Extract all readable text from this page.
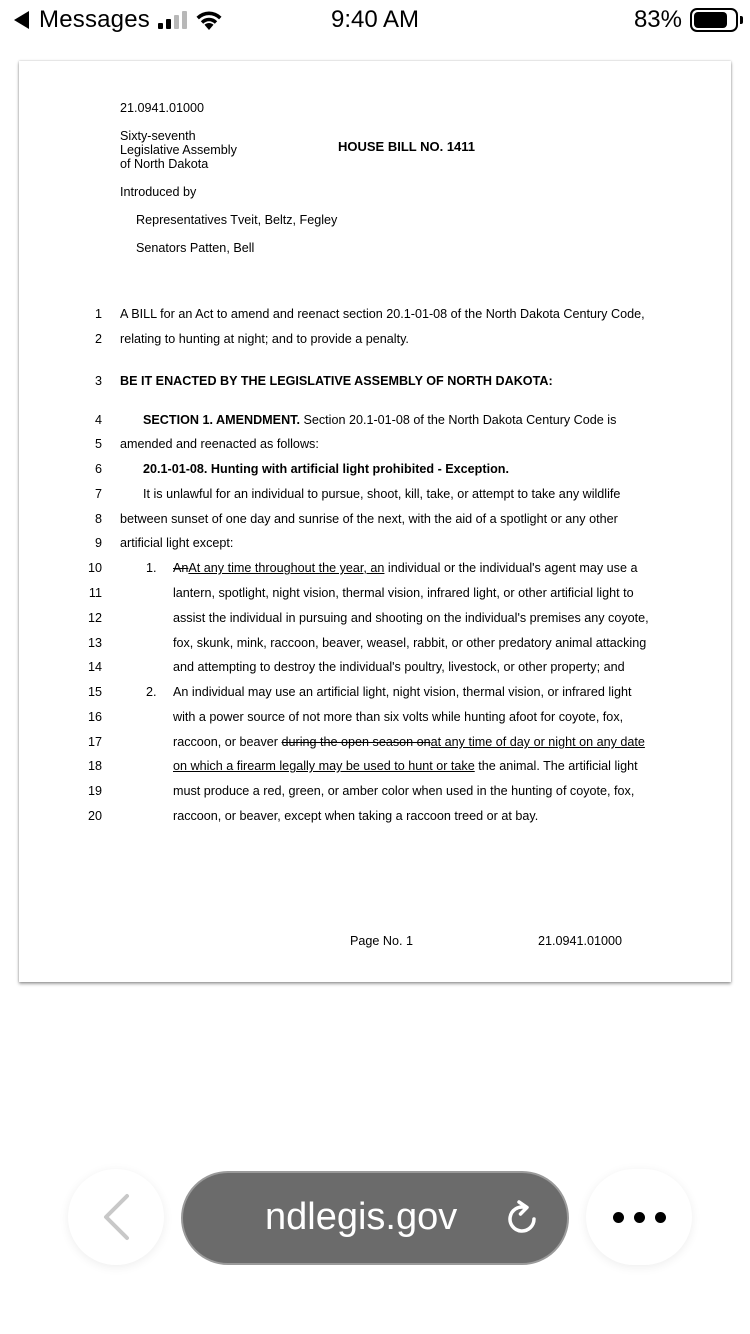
Messages	9:40 AM	83%
21.0941.01000
Sixty-seventh
Legislative Assembly
of North Dakota
HOUSE BILL NO. 1411
Introduced by
Representatives Tveit, Beltz, Fegley
Senators Patten, Bell
1
2
3
4
5
6
7
8
9
10
11
12
13
14
15
16
17
18
19
20
A BILL for an Act to amend and reenact section 20.1-01-08 of the North Dakota Century Code,
relating to hunting at night; and to provide a penalty.
BE IT ENACTED BY THE LEGISLATIVE ASSEMBLY OF NORTH DAKOTA:
SECTION 1. AMENDMENT. Section 20.1-01-08 of the North Dakota Century Code is
amended and reenacted as follows:
20.1-01-08. Hunting with artificial light prohibited - Exception.
It is unlawful for an individual to pursue, shoot, kill, take, or attempt to take any wildlife
between sunset of one day and sunrise of the next, with the aid of a spotlight or any other
artificial light except:
1. AnAt any time throughout the year, an individual or the individual's agent may use a
lantern, spotlight, night vision, thermal vision, infrared light, or other artificial light to
assist the individual in pursuing and shooting on the individual's premises any coyote,
fox, skunk, mink, raccoon, beaver, weasel, rabbit, or other predatory animal attacking
and attempting to destroy the individual's poultry, livestock, or other property; and
2. An individual may use an artificial light, night vision, thermal vision, or infrared light
with a power source of not more than six volts while hunting afoot for coyote, fox,
raccoon, or beaver during the open season onat any time of day or night on any date
on which a firearm legally may be used to hunt or take the animal. The artificial light
must produce a red, green, or amber color when used in the hunting of coyote, fox,
raccoon, or beaver, except when taking a raccoon treed or at bay.
Page No. 1	21.0941.01000
ndlegis.gov
